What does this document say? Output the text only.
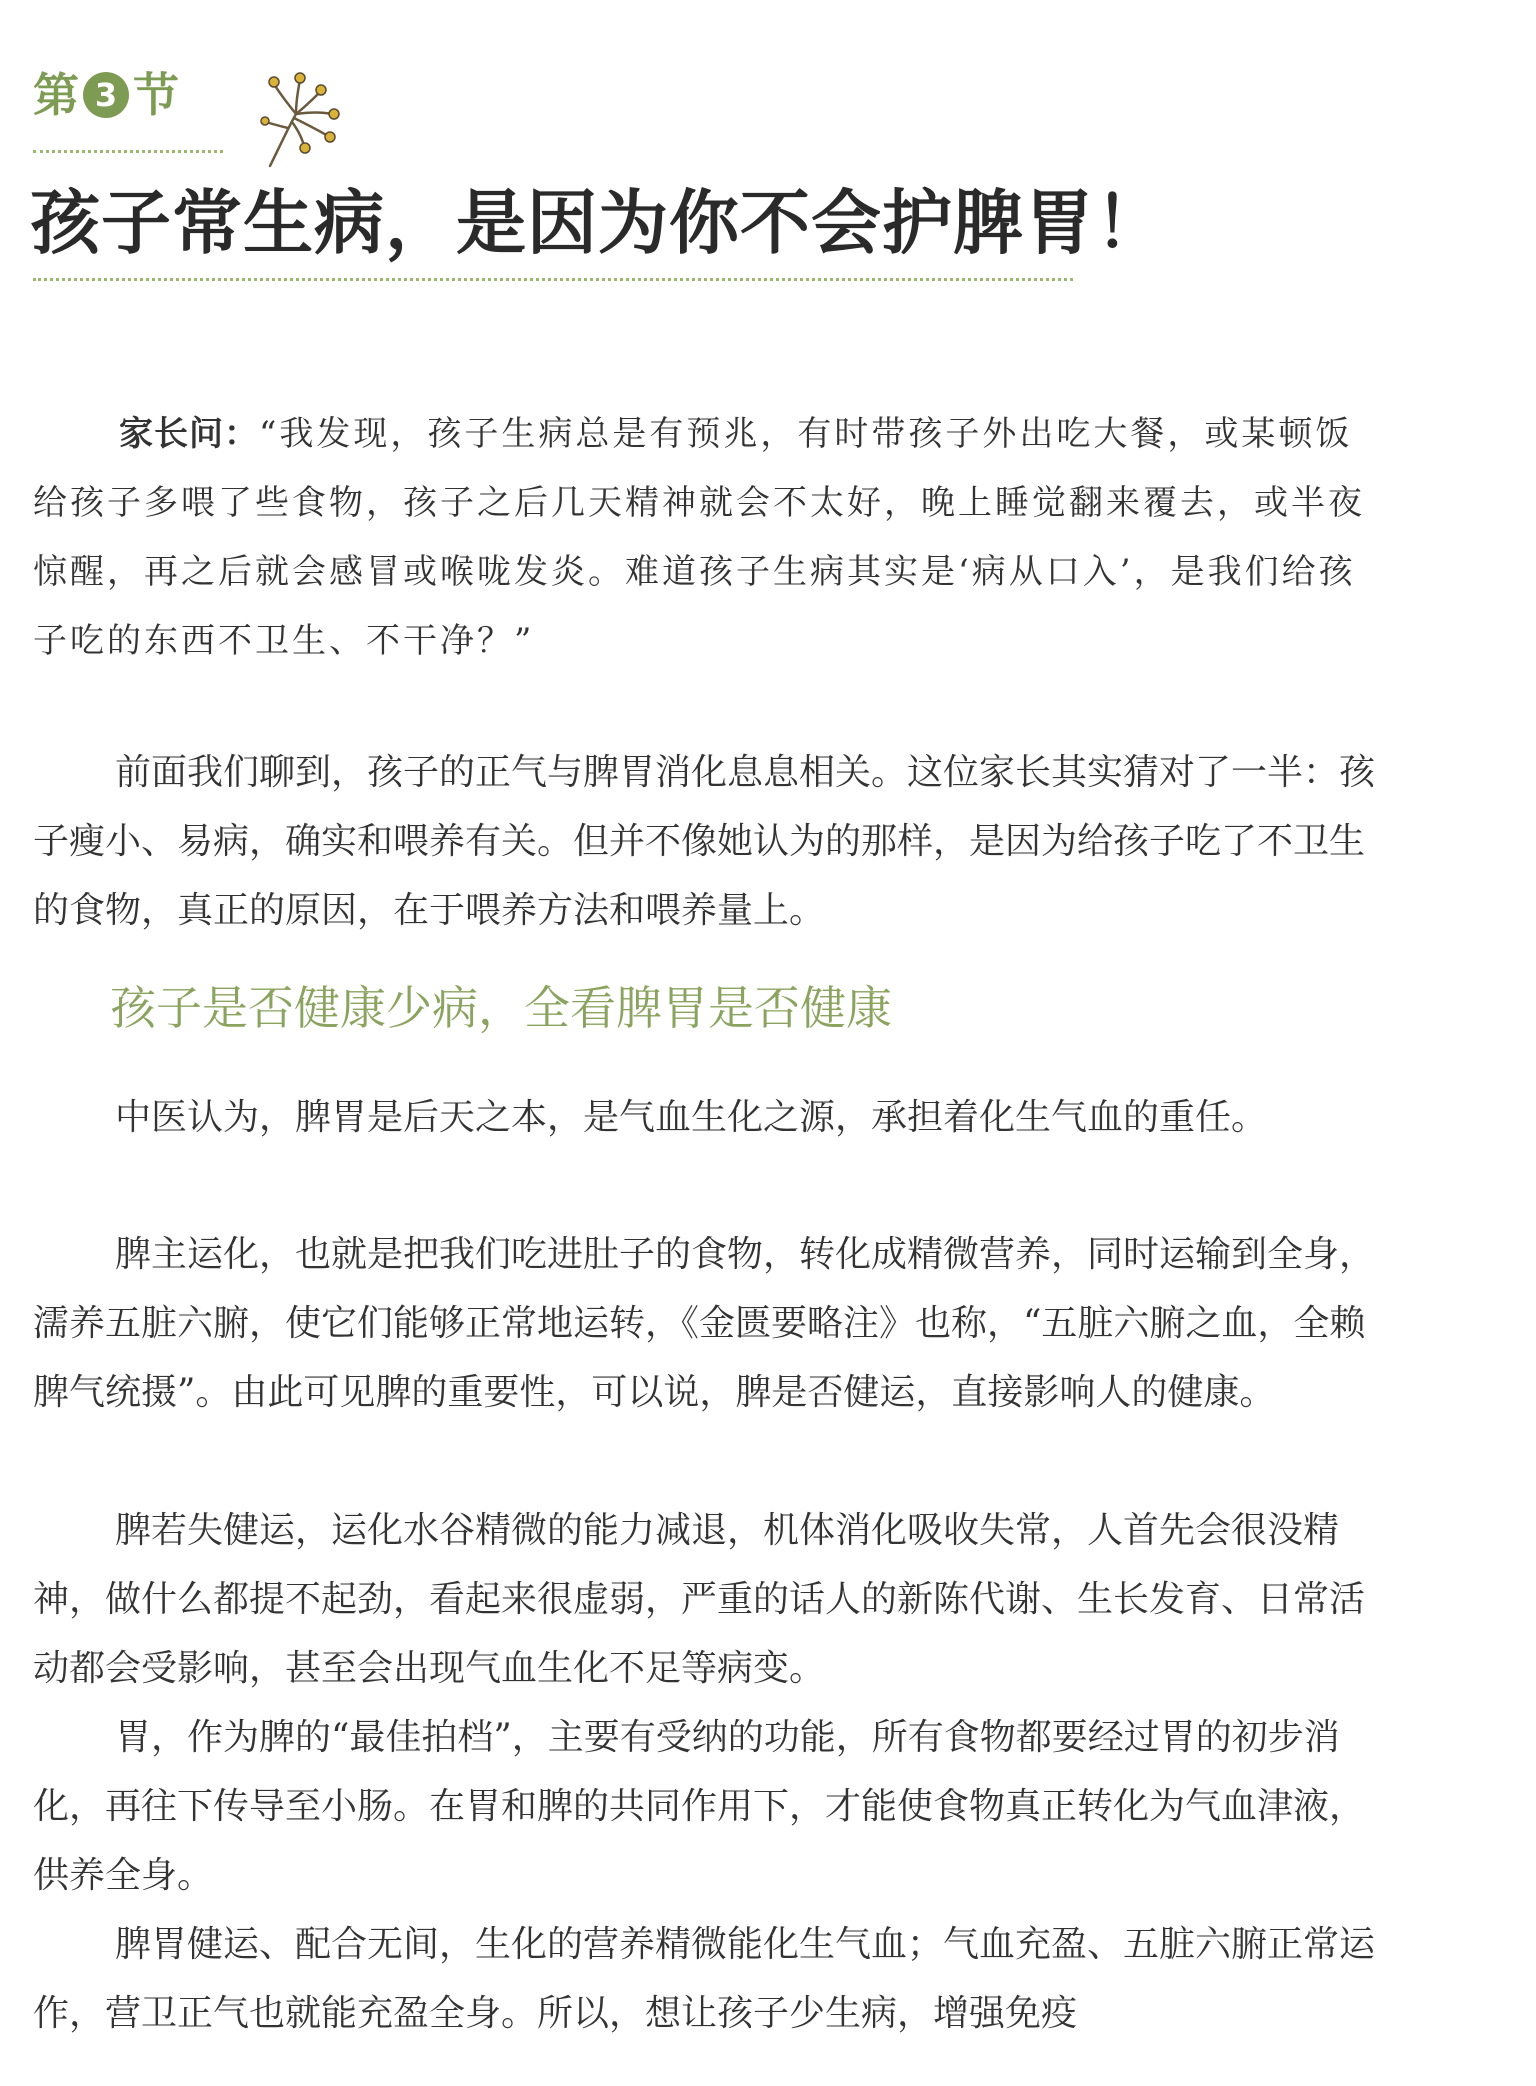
第 3 节
孩子常生病，是因为你不会护脾胃！

家长问：“我发现，孩子生病总是有预兆，有时带孩子外出吃大餐，或某顿饭给孩子多喂了些食物，孩子之后几天精神就会不太好，晚上睡觉翻来覆去，或半夜惊醒，再之后就会感冒或喉咙发炎。难道孩子生病其实是‘病从口入’，是我们给孩子吃的东西不卫生、不干净？”

前面我们聊到，孩子的正气与脾胃消化息息相关。这位家长其实猜对了一半：孩子瘦小、易病，确实和喂养有关。但并不像她认为的那样，是因为给孩子吃了不卫生的食物，真正的原因，在于喂养方法和喂养量上。

孩子是否健康少病，全看脾胃是否健康

中医认为，脾胃是后天之本，是气血生化之源，承担着化生气血的重任。

脾主运化，也就是把我们吃进肚子的食物，转化成精微营养，同时运输到全身，濡养五脏六腑，使它们能够正常地运转，《金匮要略注》也称，“五脏六腑之血，全赖脾气统摄”。由此可见脾的重要性，可以说，脾是否健运，直接影响人的健康。

脾若失健运，运化水谷精微的能力减退，机体消化吸收失常，人首先会很没精神，做什么都提不起劲，看起来很虚弱，严重的话人的新陈代谢、生长发育、日常活动都会受影响，甚至会出现气血生化不足等病变。

胃，作为脾的“最佳拍档”，主要有受纳的功能，所有食物都要经过胃的初步消化，再往下传导至小肠。在胃和脾的共同作用下，才能使食物真正转化为气血津液，供养全身。

脾胃健运、配合无间，生化的营养精微能化生气血；气血充盈、五脏六腑正常运作，营卫正气也就能充盈全身。所以，想让孩子少生病，增强免疫
